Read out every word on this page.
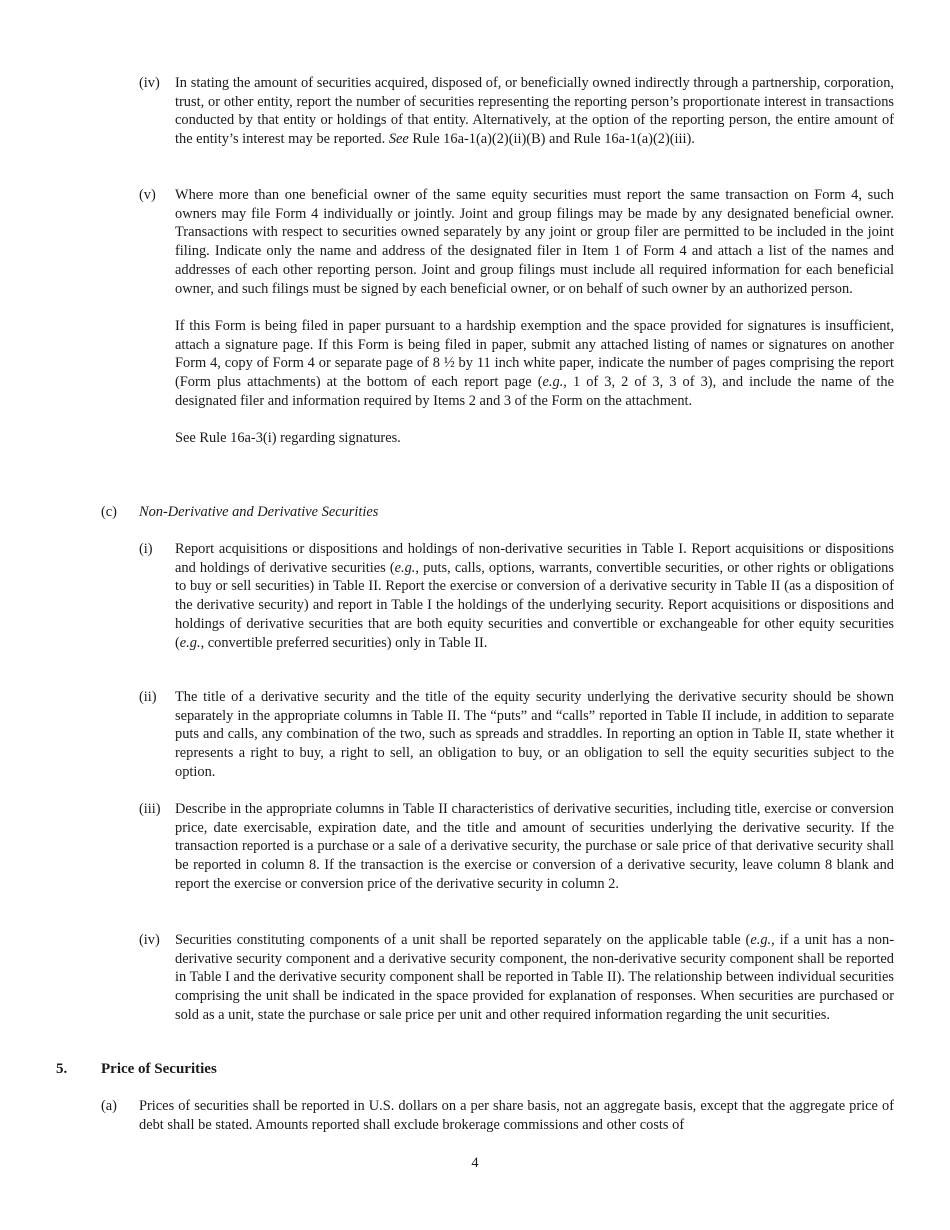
(iv) In stating the amount of securities acquired, disposed of, or beneficially owned indirectly through a partnership, corporation, trust, or other entity, report the number of securities representing the reporting person’s proportionate interest in transactions conducted by that entity or holdings of that entity. Alternatively, at the option of the reporting person, the entire amount of the entity’s interest may be reported. See Rule 16a-1(a)(2)(ii)(B) and Rule 16a-1(a)(2)(iii).

(v) Where more than one beneficial owner of the same equity securities must report the same transaction on Form 4, such owners may file Form 4 individually or jointly. Joint and group filings may be made by any designated beneficial owner. Transactions with respect to securities owned separately by any joint or group filer are permitted to be included in the joint filing. Indicate only the name and address of the designated filer in Item 1 of Form 4 and attach a list of the names and addresses of each other reporting person. Joint and group filings must include all required information for each beneficial owner, and such filings must be signed by each beneficial owner, or on behalf of such owner by an authorized person.

If this Form is being filed in paper pursuant to a hardship exemption and the space provided for signatures is insufficient, attach a signature page. If this Form is being filed in paper, submit any attached listing of names or signatures on another Form 4, copy of Form 4 or separate page of 8 ½ by 11 inch white paper, indicate the number of pages comprising the report (Form plus attachments) at the bottom of each report page (e.g., 1 of 3, 2 of 3, 3 of 3), and include the name of the designated filer and information required by Items 2 and 3 of the Form on the attachment.

See Rule 16a-3(i) regarding signatures.

(c) Non-Derivative and Derivative Securities
(i) Report acquisitions or dispositions and holdings of non-derivative securities in Table I. Report acquisitions or dispositions and holdings of derivative securities (e.g., puts, calls, options, warrants, convertible securities, or other rights or obligations to buy or sell securities) in Table II. Report the exercise or conversion of a derivative security in Table II (as a disposition of the derivative security) and report in Table I the holdings of the underlying security. Report acquisitions or dispositions and holdings of derivative securities that are both equity securities and convertible or exchangeable for other equity securities (e.g., convertible preferred securities) only in Table II.

(ii) The title of a derivative security and the title of the equity security underlying the derivative security should be shown separately in the appropriate columns in Table II. The “puts” and “calls” reported in Table II include, in addition to separate puts and calls, any combination of the two, such as spreads and straddles. In reporting an option in Table II, state whether it represents a right to buy, a right to sell, an obligation to buy, or an obligation to sell the equity securities subject to the option.

(iii) Describe in the appropriate columns in Table II characteristics of derivative securities, including title, exercise or conversion price, date exercisable, expiration date, and the title and amount of securities underlying the derivative security. If the transaction reported is a purchase or a sale of a derivative security, the purchase or sale price of that derivative security shall be reported in column 8. If the transaction is the exercise or conversion of a derivative security, leave column 8 blank and report the exercise or conversion price of the derivative security in column 2.

(iv) Securities constituting components of a unit shall be reported separately on the applicable table (e.g., if a unit has a non-derivative security component and a derivative security component, the non-derivative security component shall be reported in Table I and the derivative security component shall be reported in Table II). The relationship between individual securities comprising the unit shall be indicated in the space provided for explanation of responses. When securities are purchased or sold as a unit, state the purchase or sale price per unit and other required information regarding the unit securities.

5. Price of Securities
(a) Prices of securities shall be reported in U.S. dollars on a per share basis, not an aggregate basis, except that the aggregate price of debt shall be stated. Amounts reported shall exclude brokerage commissions and other costs of

4
